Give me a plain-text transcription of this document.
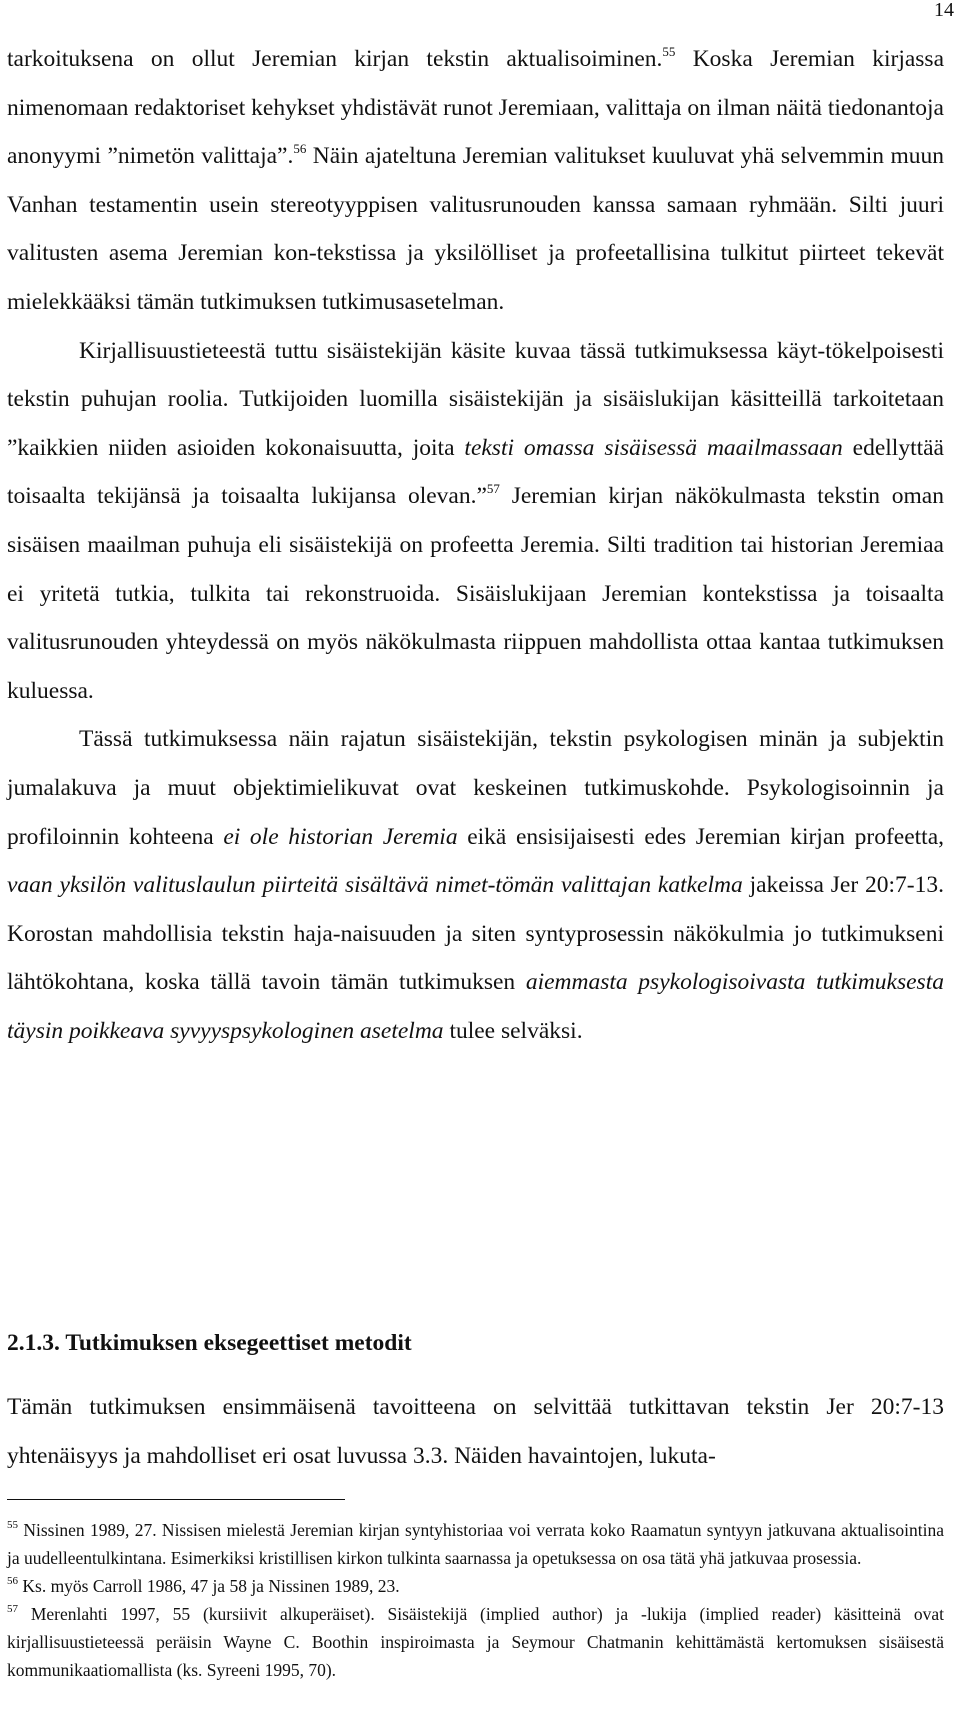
14

tarkoituksena on ollut Jeremian kirjan tekstin aktualisoiminen.$^{55}$ Koska Jeremian kirjassa nimenomaan redaktoriset kehykset yhdistävät runot Jeremiaan, valittaja on ilman näitä tiedonantoja anonyymi ”nimetön valittaja”.$^{56}$ Näin ajateltuna Jeremian valitukset kuuluvat yhä selvemmin muun Vanhan testamentin usein stereotyyppisen valitusrunouden kanssa samaan ryhmään. Silti juuri valitusten asema Jeremian kon-tekstissa ja yksilölliset ja profeetallisina tulkitut piirteet tekevät mielekkääksi tämän tutkimuksen tutkimusasetelman.

Kirjallisuustieteestä tuttu sisäistekijän käsite kuvaa tässä tutkimuksessa käyt-tökelpoisesti tekstin puhujan roolia. Tutkijoiden luomilla sisäistekijän ja sisäislukijan käsitteillä tarkoitetaan ”kaikkien niiden asioiden kokonaisuutta, joita teksti omassa sisäisessä maailmassaan edellyttää toisaalta tekijänsä ja toisaalta lukijansa olevan.”$^{57}$ Jeremian kirjan näkökulmasta tekstin oman sisäisen maailman puhuja eli sisäistekijä on profeetta Jeremia. Silti tradition tai historian Jeremiaa ei yritetä tutkia, tulkita tai rekonstruoida. Sisäislukijaan Jeremian kontekstissa ja toisaalta valitusrunouden yhteydessä on myös näkökulmasta riippuen mahdollista ottaa kantaa tutkimuksen kuluessa.

Tässä tutkimuksessa näin rajatun sisäistekijän, tekstin psykologisen minän ja subjektin jumalakuva ja muut objektimielikuvat ovat keskeinen tutkimuskohde. Psykologisoinnin ja profiloinnin kohteena ei ole historian Jeremia eikä ensisijaisesti edes Jeremian kirjan profeetta, vaan yksilön valituslaulun piirteitä sisältävä nimet-tömän valittajan katkelma jakeissa Jer 20:7-13. Korostan mahdollisia tekstin haja-naisuuden ja siten syntyprosessin näkökulmia jo tutkimukseni lähtökohtana, koska tällä tavoin tämän tutkimuksen aiemmasta psykologisoivasta tutkimuksesta täysin poikkeava syvyyspsykologinen asetelma tulee selväksi.

2.1.3. Tutkimuksen eksegeettiset metodit

Tämän tutkimuksen ensimmäisenä tavoitteena on selvittää tutkittavan tekstin Jer 20:7-13 yhtenäisyys ja mahdolliset eri osat luvussa 3.3. Näiden havaintojen, lukuta-

$^{55}$ Nissinen 1989, 27. Nissisen mielestä Jeremian kirjan syntyhistoriaa voi verrata koko Raamatun syntyyn jatkuvana aktualisointina ja uudelleentulkintana. Esimerkiksi kristillisen kirkon tulkinta saarnassa ja opetuksessa on osa tätä yhä jatkuvaa prosessia.

$^{56}$ Ks. myös Carroll 1986, 47 ja 58 ja Nissinen 1989, 23.

$^{57}$ Merenlahti 1997, 55 (kursiivit alkuperäiset). Sisäistekijä (implied author) ja -lukija (implied reader) käsitteinä ovat kirjallisuustieteessä peräisin Wayne C. Boothin inspiroimasta ja Seymour Chatmanin kehittämästä kertomuksen sisäisestä kommunikaatiomallista (ks. Syreeni 1995, 70).
